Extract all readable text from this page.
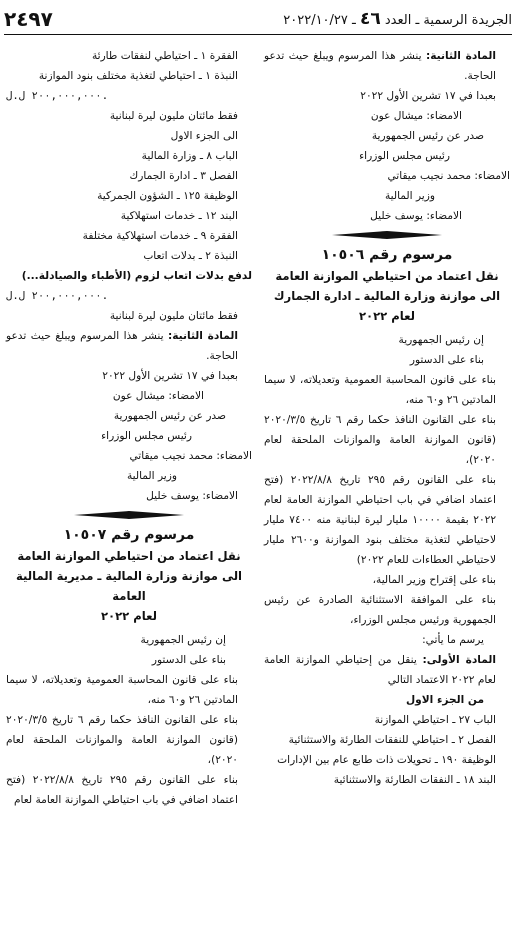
الجريدة الرسمية ـ العدد ٤٦ ـ ٢٠٢٢/١٠/٢٧
٢٤٩٧

المادة الثانية: ينشر هذا المرسوم ويبلغ حيث تدعو الحاجة.

بعبدا في ١٧ تشرين الأول ٢٠٢٢

الامضاء: ميشال عون

صدر عن رئيس الجمهورية

رئيس مجلس الوزراء

الامضاء: محمد نجيب ميقاتي

وزير المالية

الامضاء: يوسف خليل

مرسوم رقم ١٠٥٠٦

نقل اعتماد من احتياطي الموازنة العامة

الى موازنة وزارة المالية ـ ادارة الجمارك

لعام ٢٠٢٢

إن رئيس الجمهورية

بناء على الدستور

بناء على قانون المحاسبة العمومية وتعديلاته، لا سيما المادتين ٢٦ و٦٠ منه،

بناء على القانون النافذ حكما رقم ٦ تاريخ ٢٠٢٠/٣/٥ (قانون الموازنة العامة والموازنات الملحقة لعام ٢٠٢٠)،

بناء على القانون رقم ٢٩٥ تاريخ ٢٠٢٢/٨/٨ (فتح اعتماد اضافي في باب احتياطي الموازنة العامة لعام ٢٠٢٢ بقيمة ١٠٠٠٠ مليار ليرة لبنانية منه ٧٤٠٠ مليار لاحتياطي لتغذية مختلف بنود الموازنة و٢٦٠٠ مليار لاحتياطي العطاءات للعام ٢٠٢٢)

بناء على إقتراح وزير المالية،

بناء على الموافقة الاستثنائية الصادرة عن رئيس الجمهورية ورئيس مجلس الوزراء،

يرسم ما يأتي:

المادة الأولى: ينقل من إحتياطي الموازنة العامة لعام ٢٠٢٢ الاعتماد التالي

من الجزء الاول

الباب ٢٧ ـ احتياطي الموازنة

الفصل ٢ ـ احتياطي للنفقات الطارئة والاستثنائية

الوظيفة ١٩٠ ـ تحويلات ذات طابع عام بين الإدارات

البند ١٨ ـ النفقات الطارئة والاستثنائية

الفقرة ١ ـ احتياطي لنفقات طارئة

النبذة ١ ـ احتياطي لتغذية مختلف بنود الموازنة

٢٠٠,٠٠٠,٠٠٠ ل.ل.

فقط مائتان مليون ليرة لبنانية

الى الجزء الاول

الباب ٨ ـ وزارة المالية

الفصل ٣ ـ ادارة الجمارك

الوظيفة ١٢٥ ـ الشؤون الجمركية

البند ١٢ ـ خدمات استهلاكية

الفقرة ٩ ـ خدمات استهلاكية مختلفة

النبذة ٢ ـ بدلات اتعاب

لدفع بدلات اتعاب لزوم (الأطباء والصيادلة...)

٢٠٠,٠٠٠,٠٠٠ ل.ل.

فقط مائتان مليون ليرة لبنانية

المادة الثانية: ينشر هذا المرسوم ويبلغ حيث تدعو الحاجة.

بعبدا في ١٧ تشرين الأول ٢٠٢٢

الامضاء: ميشال عون

صدر عن رئيس الجمهورية

رئيس مجلس الوزراء

الامضاء: محمد نجيب ميقاتي

وزير المالية

الامضاء: يوسف خليل

مرسوم رقم ١٠٥٠٧

نقل اعتماد من احتياطي الموازنة العامة

الى موازنة وزارة المالية ـ مديرية المالية العامة

لعام ٢٠٢٢

إن رئيس الجمهورية

بناء على الدستور

بناء على قانون المحاسبة العمومية وتعديلاته، لا سيما المادتين ٢٦ و٦٠ منه،

بناء على القانون النافذ حكما رقم ٦ تاريخ ٢٠٢٠/٣/٥ (قانون الموازنة العامة والموازنات الملحقة لعام ٢٠٢٠)،

بناء على القانون رقم ٢٩٥ تاريخ ٢٠٢٢/٨/٨ (فتح اعتماد اضافي في باب احتياطي الموازنة العامة لعام
